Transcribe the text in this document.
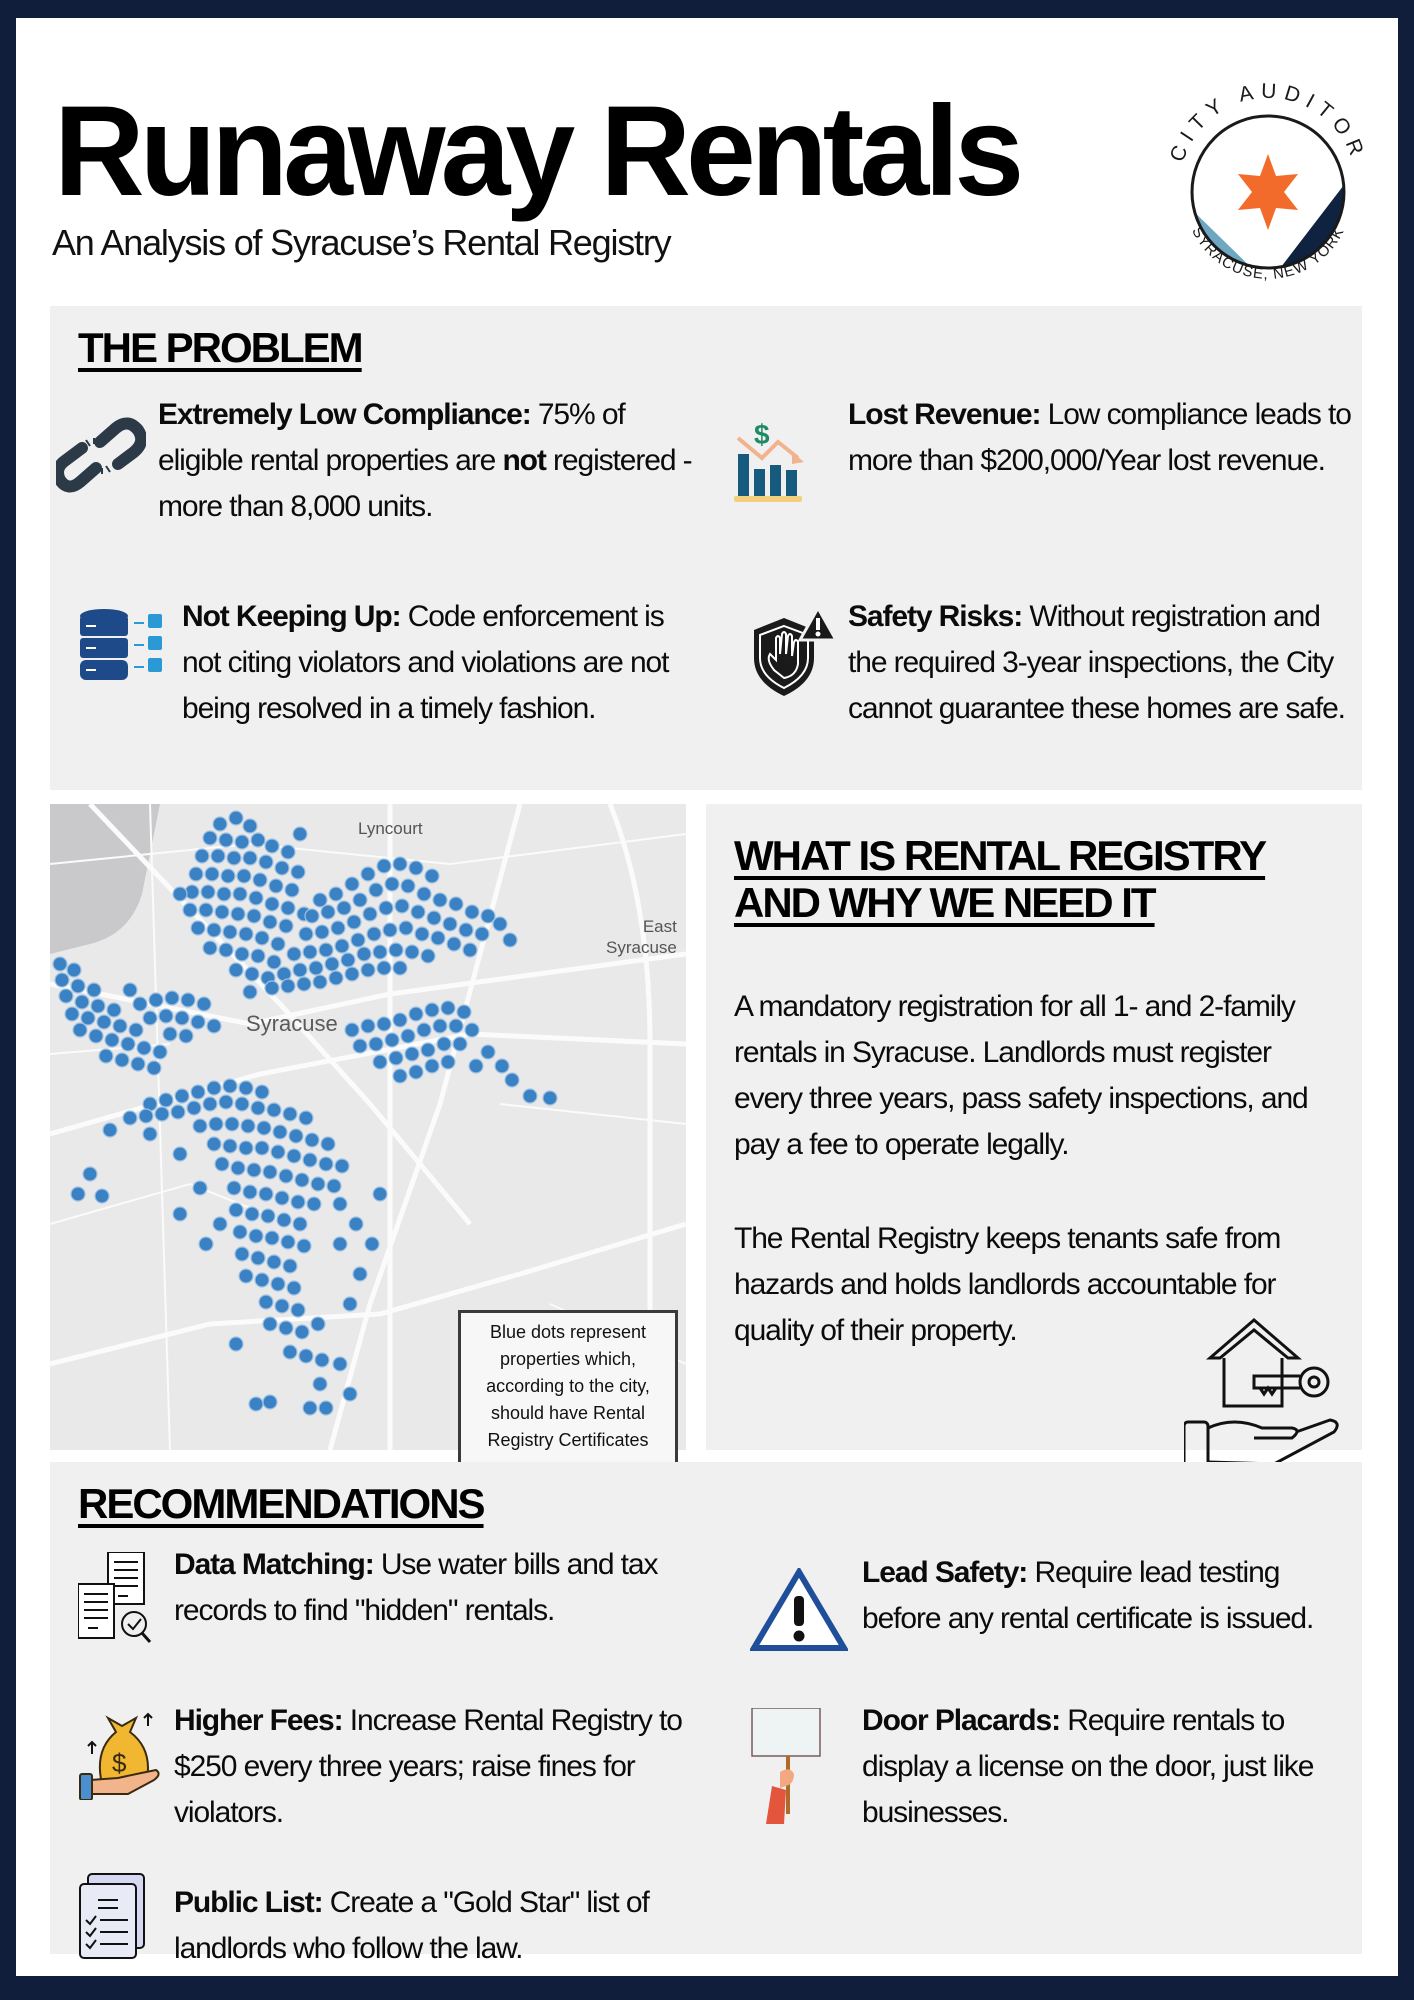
Runaway Rentals
An Analysis of Syracuse’s Rental Registry
CITY AUDITOR
SYRACUSE, NEW YORK
THE PROBLEM
Extremely Low Compliance: 75% of eligible rental properties are not registered - more than 8,000 units.
$
Lost Revenue: Low compliance leads to more than $200,000/Year lost revenue.
Not Keeping Up: Code enforcement is not citing violators and violations are not being resolved in a timely fashion.
Safety Risks: Without registration and the required 3-year inspections, the City cannot guarantee these homes are safe.
Lyncourt
East
Syracuse
Syracuse
Blue dots represent properties which, according to the city, should have Rental Registry Certificates
WHAT IS RENTAL REGISTRY
AND WHY WE NEED IT
A mandatory registration for all 1- and 2-family rentals in Syracuse. Landlords must register every three years, pass safety inspections, and pay a fee to operate legally.
The Rental Registry keeps tenants safe from hazards and holds landlords accountable for quality of their property.
RECOMMENDATIONS
Data Matching: Use water bills and tax records to find "hidden" rentals.
Lead Safety: Require lead testing before any rental certificate is issued.
$
Higher Fees: Increase Rental Registry to $250 every three years; raise fines for violators.
Door Placards: Require rentals to display a license on the door, just like businesses.
Public List: Create a "Gold Star" list of landlords who follow the law.
